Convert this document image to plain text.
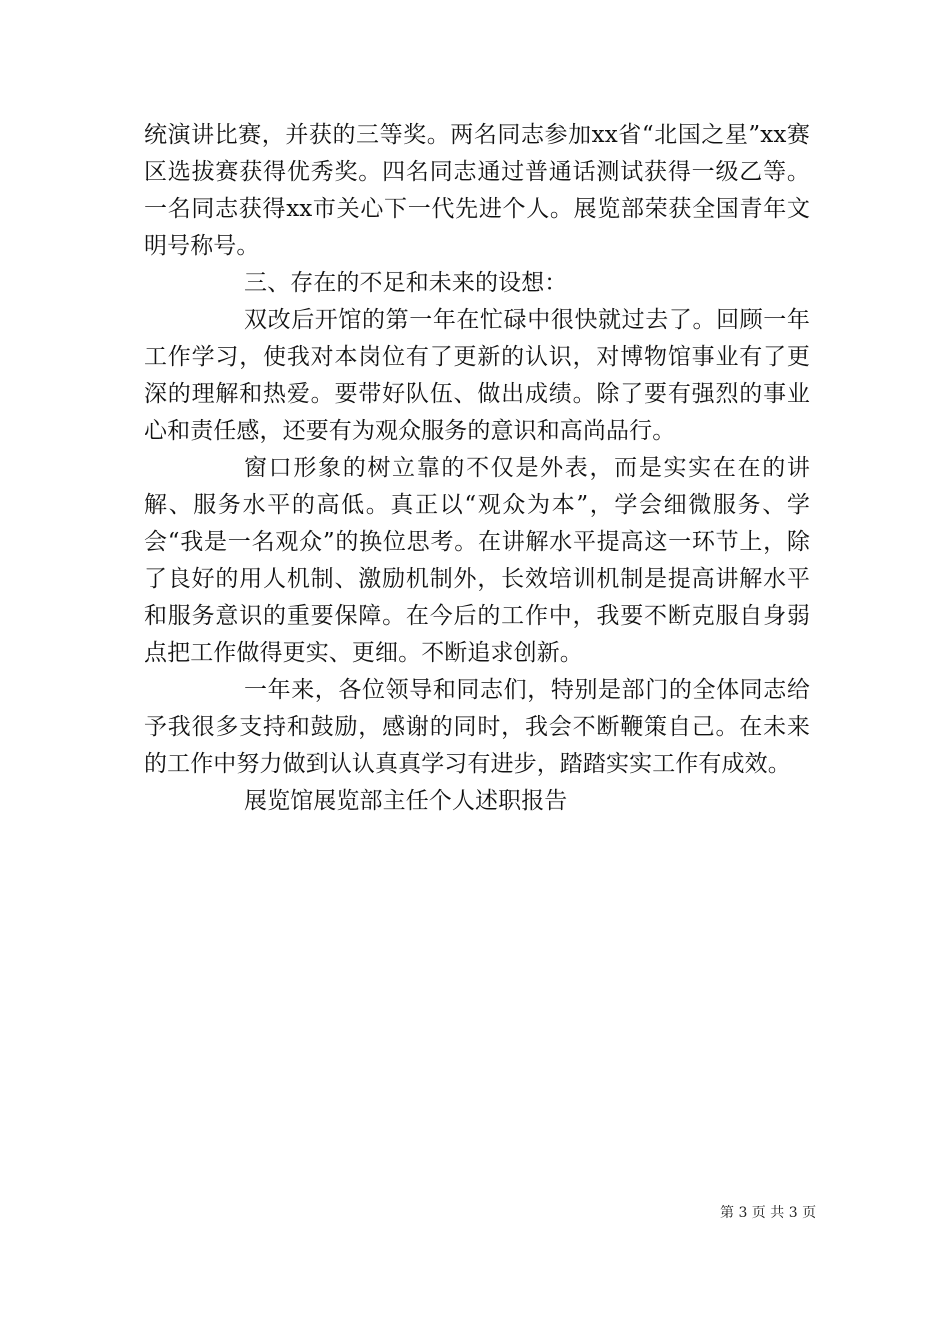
统演讲比赛，并获的三等奖。两名同志参加xx省“北国之星”xx赛区选拔赛获得优秀奖。四名同志通过普通话测试获得一级乙等。一名同志获得xx市关心下一代先进个人。展览部荣获全国青年文明号称号。

三、存在的不足和未来的设想：

双改后开馆的第一年在忙碌中很快就过去了。回顾一年工作学习，使我对本岗位有了更新的认识，对博物馆事业有了更深的理解和热爱。要带好队伍、做出成绩。除了要有强烈的事业心和责任感，还要有为观众服务的意识和高尚品行。

窗口形象的树立靠的不仅是外表，而是实实在在的讲解、服务水平的高低。真正以“观众为本”，学会细微服务、学会“我是一名观众”的换位思考。在讲解水平提高这一环节上，除了良好的用人机制、激励机制外，长效培训机制是提高讲解水平和服务意识的重要保障。在今后的工作中，我要不断克服自身弱点把工作做得更实、更细。不断追求创新。

一年来，各位领导和同志们，特别是部门的全体同志给予我很多支持和鼓励，感谢的同时，我会不断鞭策自己。在未来的工作中努力做到认认真真学习有进步，踏踏实实工作有成效。

展览馆展览部主任个人述职报告

第 3 页 共 3 页
